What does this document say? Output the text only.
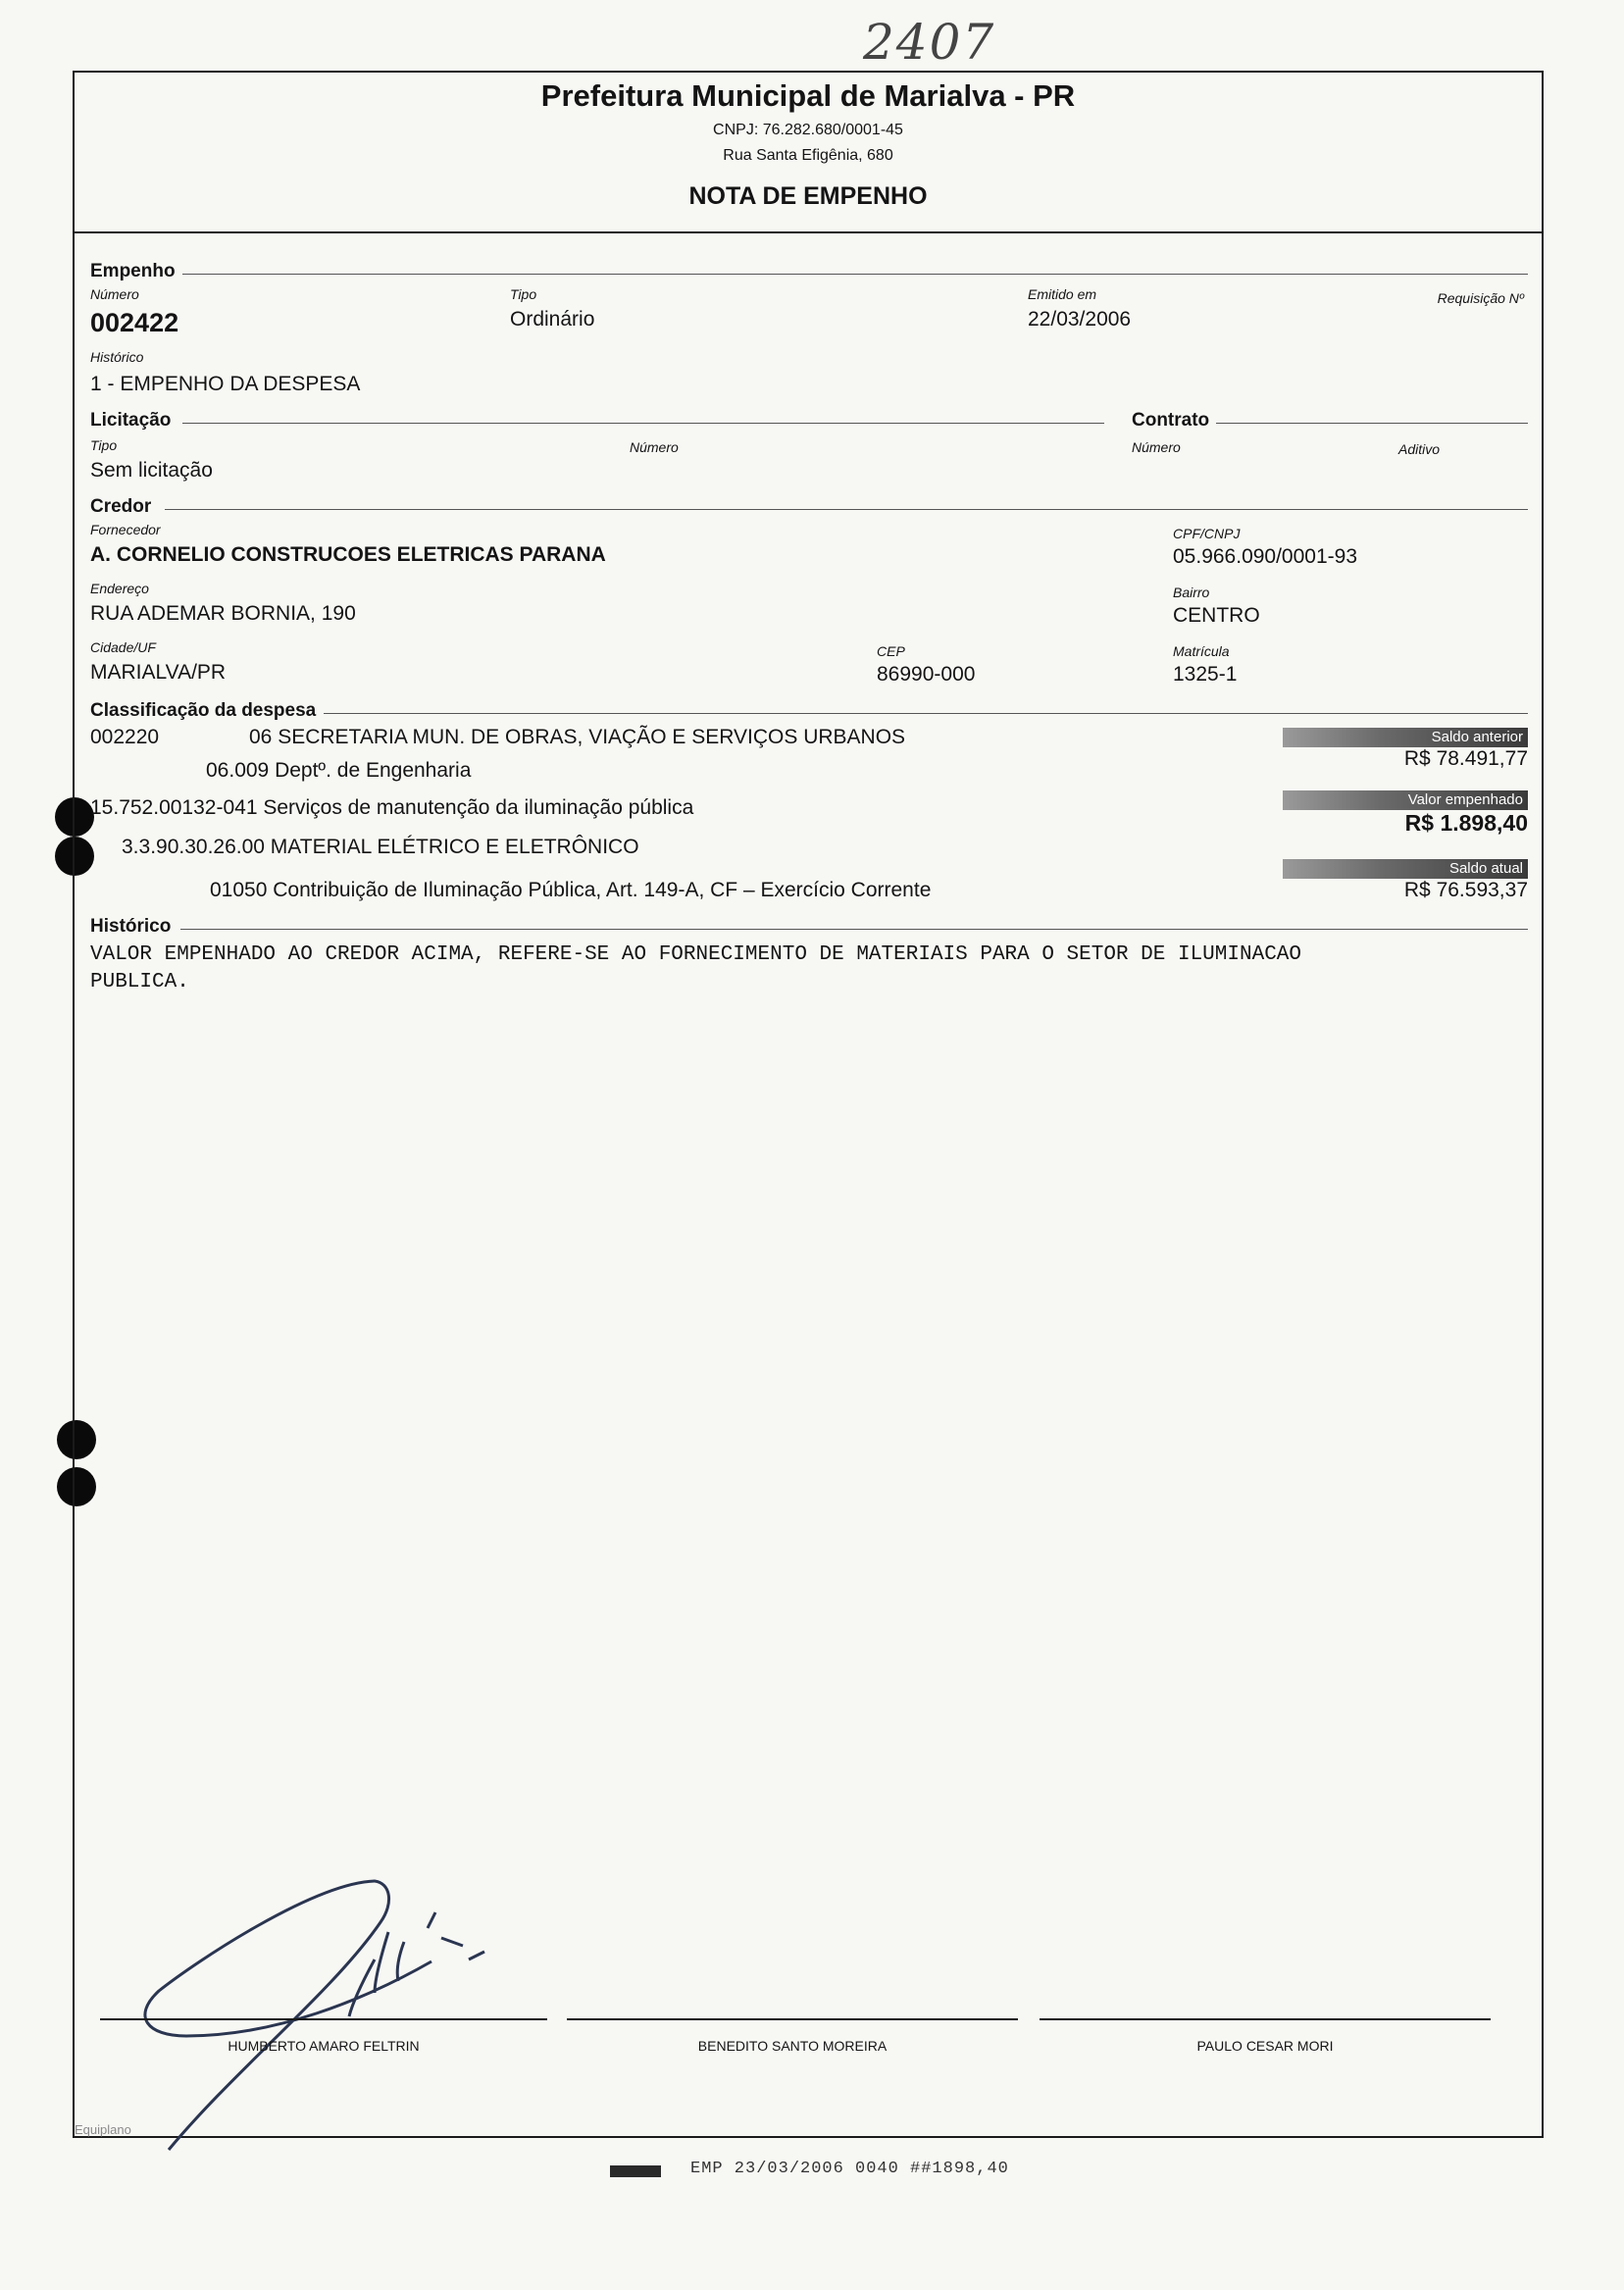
2407
Prefeitura Municipal de Marialva - PR
CNPJ: 76.282.680/0001-45
Rua Santa Efigênia, 680
NOTA DE EMPENHO
Empenho
Número
002422
Tipo
Ordinário
Emitido em
22/03/2006
Requisição Nº
Histórico
1 - EMPENHO DA DESPESA
Licitação	Contrato
Tipo
Sem licitação
Número	Número	Aditivo
Credor
Fornecedor
A. CORNELIO CONSTRUCOES ELETRICAS PARANA
CPF/CNPJ
05.966.090/0001-93
Endereço
RUA ADEMAR BORNIA, 190
Bairro
CENTRO
Cidade/UF
MARIALVA/PR
CEP
86990-000
Matrícula
1325-1
Classificação da despesa
002220	06 SECRETARIA MUN. DE OBRAS, VIAÇÃO E SERVIÇOS URBANOS
06.009 Deptº. de Engenharia
15.752.00132-041 Serviços de manutenção da iluminação pública
3.3.90.30.26.00 MATERIAL ELÉTRICO E ELETRÔNICO
01050 Contribuição de Iluminação Pública, Art. 149-A, CF – Exercício Corrente
Saldo anterior
R$ 78.491,77
Valor empenhado
R$ 1.898,40
Saldo atual
R$ 76.593,37
Histórico
VALOR EMPENHADO AO CREDOR ACIMA, REFERE-SE AO FORNECIMENTO DE MATERIAIS PARA O SETOR DE ILUMINACAO
PUBLICA.
HUMBERTO AMARO FELTRIN	BENEDITO SANTO MOREIRA	PAULO CESAR MORI
Equiplano
EMP 23/03/2006 0040 ##1898,40
